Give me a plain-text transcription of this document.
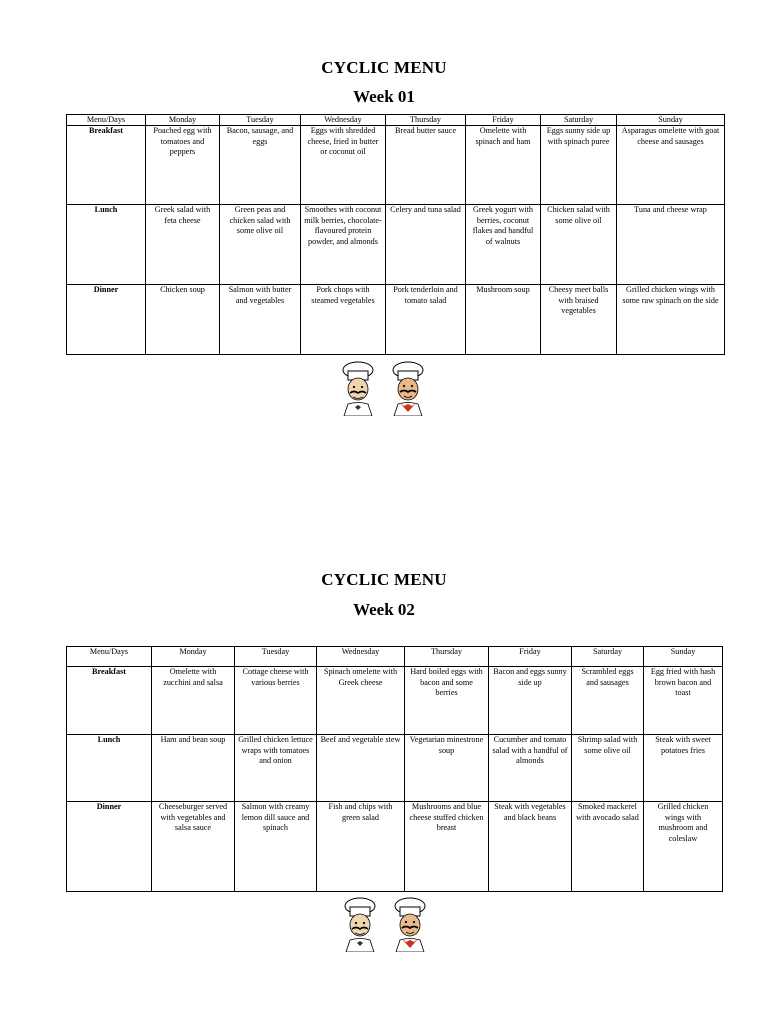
CYCLIC MENU
Week 01
Menu/Days	Monday	Tuesday	Wednesday	Thursday	Friday	Saturday	Sunday
Breakfast	Poached egg with tomatoes and peppers	Bacon, sausage, and eggs	Eggs with shredded cheese, fried in butter or coconut oil	Bread butter sauce	Omelette with spinach and ham	Eggs sunny side up with spinach puree	Asparagus omelette with goat cheese and sausages
Lunch	Greek salad with feta cheese	Green peas and chicken salad with some olive oil	Smoothes with coconut milk berries, chocolate-flavoured protein powder, and almonds	Celery and tuna salad	Greek yogurt with berries, coconut flakes and handful of walnuts	Chicken salad with some olive oil	Tuna and cheese wrap
Dinner	Chicken soup	Salmon with butter and vegetables	Pork chops with steamed vegetables	Pork tenderloin and tomato salad	Mushroom soup	Cheesy meet balls with braised vegetables	Grilled chicken wings with some raw spinach on the side
CYCLIC MENU
Week 02
Menu/Days	Monday	Tuesday	Wednesday	Thursday	Friday	Saturday	Sunday
Breakfast	Omelette with zucchini and salsa	Cottage cheese with various berries	Spinach omelette with Greek cheese	Hard boiled eggs with bacon and some berries	Bacon and eggs sunny side up	Scrambled eggs and sausages	Egg fried with hash brown bacon and toast
Lunch	Ham and bean soup	Grilled chicken lettuce wraps with tomatoes and onion	Beef and vegetable stew	Vegetarian minestrone soup	Cucumber and tomato salad with a handful of almonds	Shrimp salad with some olive oil	Steak with sweet potatoes fries
Dinner	Cheeseburger served with vegetables and salsa sauce	Salmon with creamy lemon dill sauce and spinach	Fish and chips with green salad	Mushrooms and blue cheese stuffed chicken breast	Steak with vegetables and black beans	Smoked mackerel with avocado salad	Grilled chicken wings with mushroom and coleslaw
